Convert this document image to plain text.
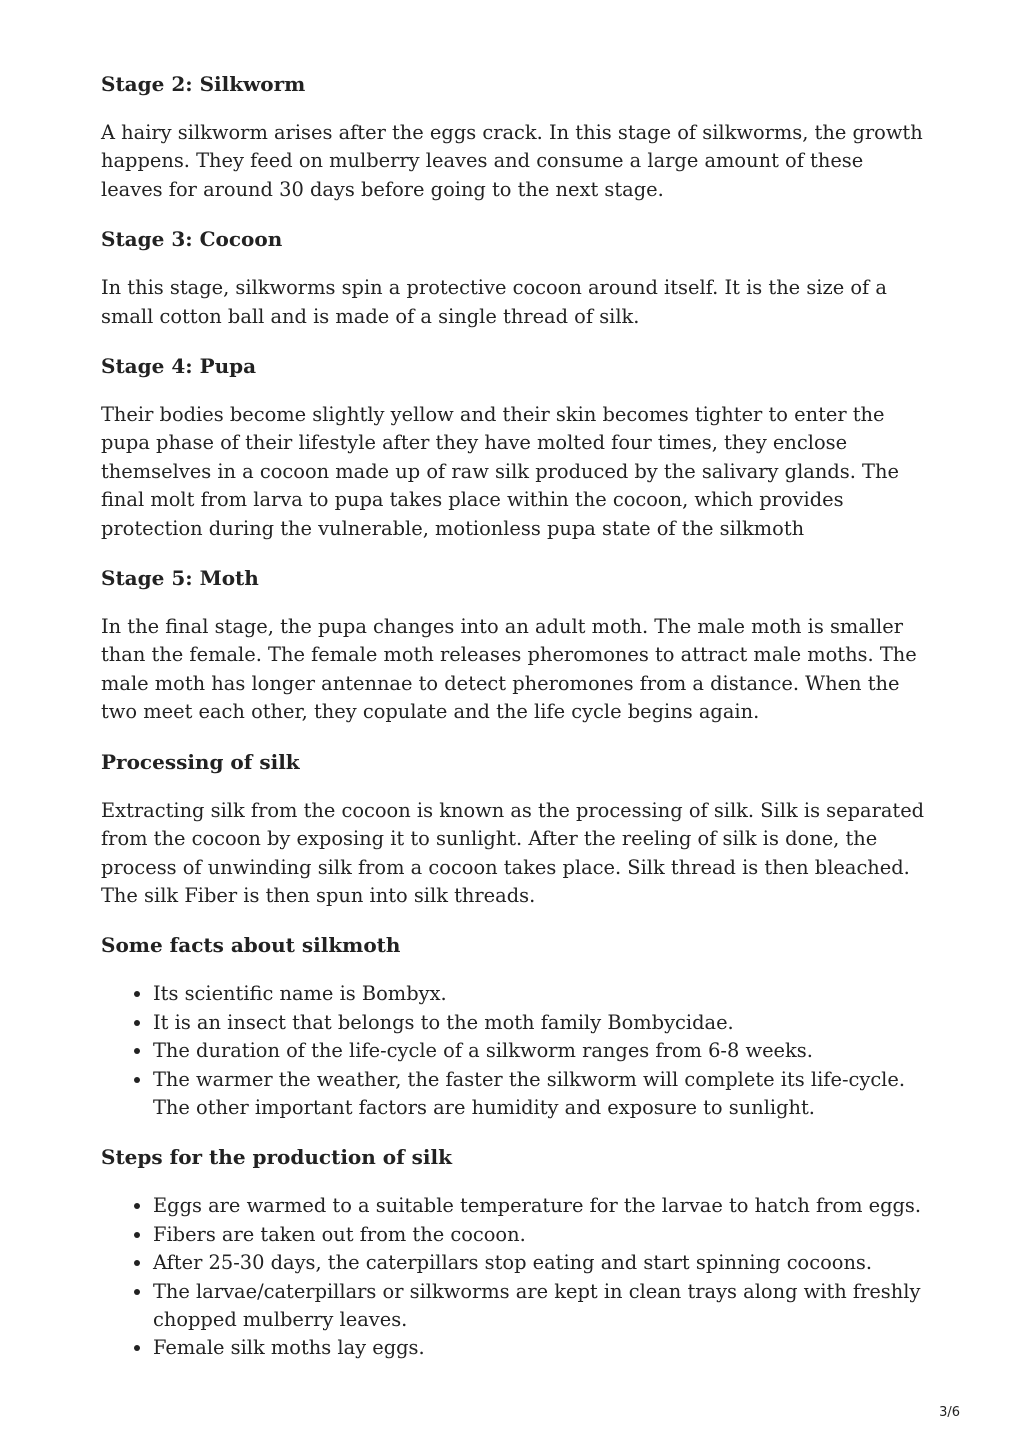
Stage 2: Silkworm

A hairy silkworm arises after the eggs crack. In this stage of silkworms, the growth happens. They feed on mulberry leaves and consume a large amount of these leaves for around 30 days before going to the next stage.

Stage 3: Cocoon

In this stage, silkworms spin a protective cocoon around itself. It is the size of a small cotton ball and is made of a single thread of silk.

Stage 4: Pupa

Their bodies become slightly yellow and their skin becomes tighter to enter the pupa phase of their lifestyle after they have molted four times, they enclose themselves in a cocoon made up of raw silk produced by the salivary glands. The final molt from larva to pupa takes place within the cocoon, which provides protection during the vulnerable, motionless pupa state of the silkmoth

Stage 5: Moth

In the final stage, the pupa changes into an adult moth. The male moth is smaller than the female. The female moth releases pheromones to attract male moths. The male moth has longer antennae to detect pheromones from a distance. When the two meet each other, they copulate and the life cycle begins again.

Processing of silk

Extracting silk from the cocoon is known as the processing of silk. Silk is separated from the cocoon by exposing it to sunlight. After the reeling of silk is done, the process of unwinding silk from a cocoon takes place. Silk thread is then bleached. The silk Fiber is then spun into silk threads.

Some facts about silkmoth
• Its scientific name is Bombyx.
• It is an insect that belongs to the moth family Bombycidae.
• The duration of the life-cycle of a silkworm ranges from 6-8 weeks.
• The warmer the weather, the faster the silkworm will complete its life-cycle. The other important factors are humidity and exposure to sunlight.
Steps for the production of silk
• Eggs are warmed to a suitable temperature for the larvae to hatch from eggs.
• Fibers are taken out from the cocoon.
• After 25-30 days, the caterpillars stop eating and start spinning cocoons.
• The larvae/caterpillars or silkworms are kept in clean trays along with freshly chopped mulberry leaves.
• Female silk moths lay eggs.
3/6
